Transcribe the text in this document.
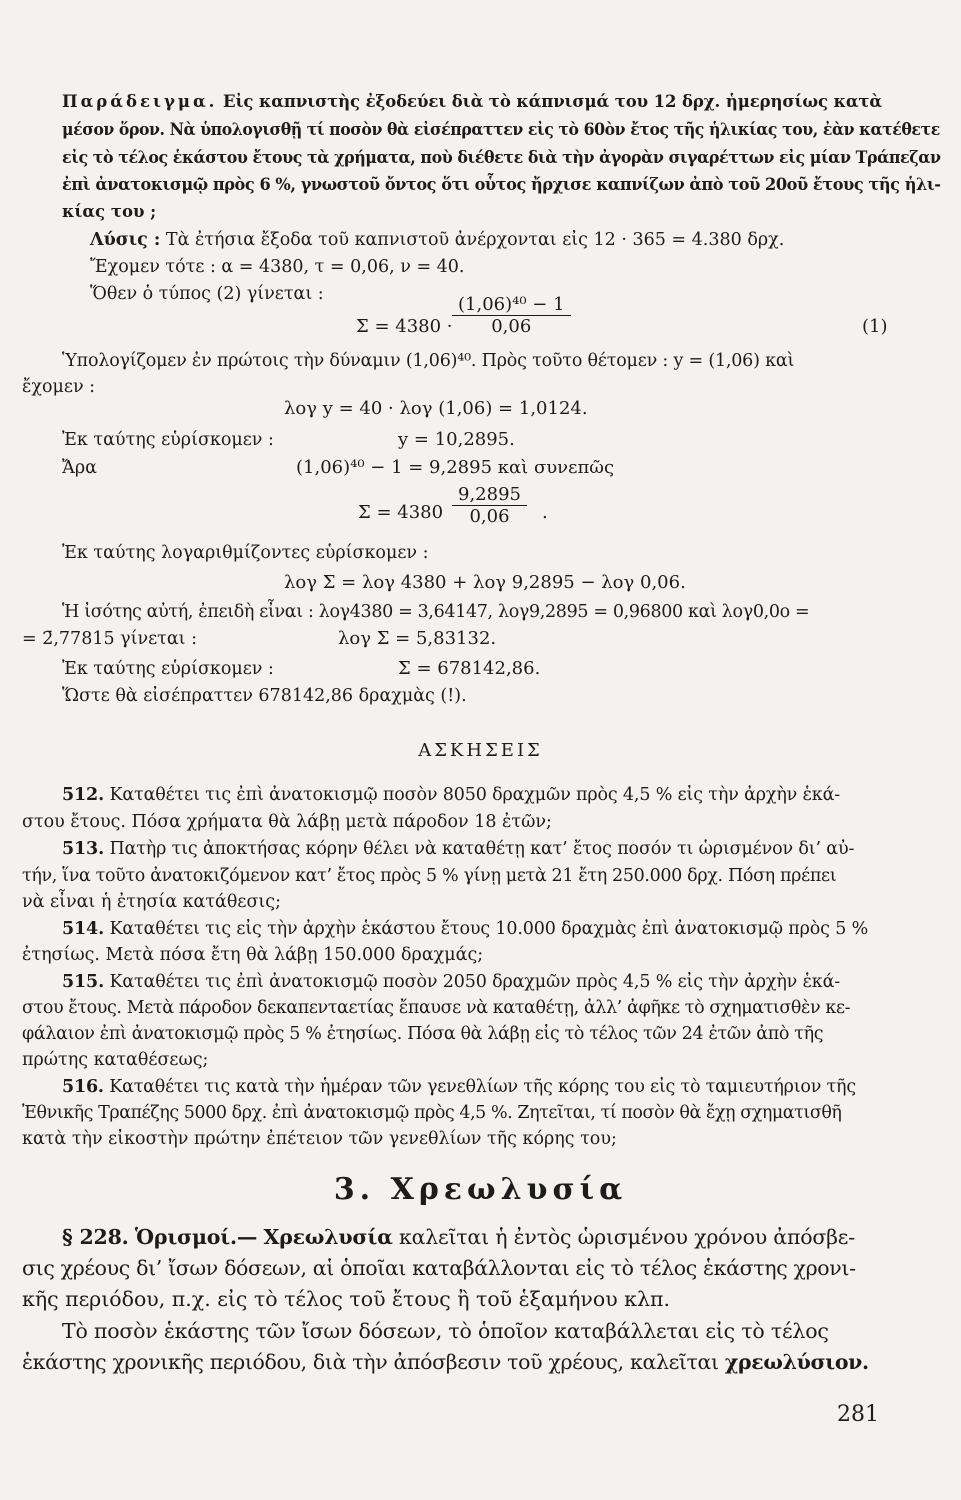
Παράδειγμα. Εἰς καπνιστὴς ἐξοδεύει διὰ τὸ κάπνισμά του 12 δρχ. ἡμερησίως κατὰ
μέσον ὅρον. Νὰ ὑπολογισθῇ τί ποσὸν θὰ εἰσέπραττεν εἰς τὸ 60ὸν ἔτος τῆς ἡλικίας του, ἐὰν κατέθετε
εἰς τὸ τέλος ἑκάστου ἔτους τὰ χρήματα, ποὺ διέθετε διὰ τὴν ἀγορὰν σιγαρέττων εἰς μίαν Τράπεζαν
ἐπὶ ἀνατοκισμῷ πρὸς 6 %, γνωστοῦ ὄντος ὅτι οὗτος ἤρχισε καπνίζων ἀπὸ τοῦ 20οῦ ἔτους τῆς ἡλι-
κίας του ;
Λύσις : Τὰ ἐτήσια ἔξοδα τοῦ καπνιστοῦ ἀνέρχονται εἰς 12 · 365 = 4.380 δρχ.
Ἔχομεν τότε : α = 4380, τ = 0,06, ν = 40.
Ὅθεν ὁ τύπος (2) γίνεται :
$\Sigma = 4380 \cdot \frac{\text{(1,06)⁴⁰ − 1}}{0,06}$	(1)
Ὑπολογίζομεν ἐν πρώτοις τὴν δύναμιν (1,06)⁴⁰. Πρὸς τοῦτο θέτομεν : y = (1,06) καὶ
ἔχομεν :
λογ y = 40 · λογ (1,06) = 1,0124.
Ἐκ ταύτης εὑρίσκομεν :	y = 10,2895.
Ἄρα	(1,06)⁴⁰ − 1 = 9,2895 καὶ συνεπῶς
$\Sigma = 4380 \frac{9,2895}{0,06}$ .
Ἐκ ταύτης λογαριθμίζοντες εὑρίσκομεν :
λογ Σ = λογ 4380 + λογ 9,2895 − λογ 0,06.
Ἡ ἰσότης αὐτή, ἐπειδὴ εἶναι : λογ4380 = 3,64147, λογ9,2895 = 0,96800 καὶ λογ0,0ο =
= 2̄,77815 γίνεται :	λογ Σ = 5,83132.
Ἐκ ταύτης εὑρίσκομεν :	Σ = 678142,86.
Ὥστε θὰ εἰσέπραττεν 678142,86 δραχμὰς (!).
ΑΣΚΗΣΕΙΣ
512. Καταθέτει τις ἐπὶ ἀνατοκισμῷ ποσὸν 8050 δραχμῶν πρὸς 4,5 % εἰς τὴν ἀρχὴν ἑκά-
στου ἔτους. Πόσα χρήματα θὰ λάβῃ μετὰ πάροδον 18 ἐτῶν;
513. Πατὴρ τις ἀποκτήσας κόρην θέλει νὰ καταθέτῃ κατ’ ἔτος ποσόν τι ὡρισμένον δι’ αὐ-
τήν, ἵνα τοῦτο ἀνατοκιζόμενον κατ’ ἔτος πρὸς 5 % γίνῃ μετὰ 21 ἔτη 250.000 δρχ. Πόση πρέπει
νὰ εἶναι ἡ ἐτησία κατάθεσις;
514. Καταθέτει τις εἰς τὴν ἀρχὴν ἑκάστου ἔτους 10.000 δραχμὰς ἐπὶ ἀνατοκισμῷ πρὸς 5 %
ἐτησίως. Μετὰ πόσα ἔτη θὰ λάβῃ 150.000 δραχμάς;
515. Καταθέτει τις ἐπὶ ἀνατοκισμῷ ποσὸν 2050 δραχμῶν πρὸς 4,5 % εἰς τὴν ἀρχὴν ἑκά-
στου ἔτους. Μετὰ πάροδον δεκαπενταετίας ἔπαυσε νὰ καταθέτῃ, ἀλλ’ ἀφῆκε τὸ σχηματισθὲν κε-
φάλαιον ἐπὶ ἀνατοκισμῷ πρὸς 5 % ἐτησίως. Πόσα θὰ λάβῃ εἰς τὸ τέλος τῶν 24 ἐτῶν ἀπὸ τῆς
πρώτης καταθέσεως;
516. Καταθέτει τις κατὰ τὴν ἡμέραν τῶν γενεθλίων τῆς κόρης του εἰς τὸ ταμιευτήριον τῆς
Ἐθνικῆς Τραπέζης 5000 δρχ. ἐπὶ ἀνατοκισμῷ πρὸς 4,5 %. Ζητεῖται, τί ποσὸν θὰ ἔχῃ σχηματισθῆ
κατὰ τὴν εἰκοστὴν πρώτην ἐπέτειον τῶν γενεθλίων τῆς κόρης του;
3. Χρεωλυσία
§ 228. Ὁρισμοί.— Χρεωλυσία καλεῖται ἡ ἐντὸς ὡρισμένου χρόνου ἀπόσβε-
σις χρέους δι’ ἴσων δόσεων, αἱ ὁποῖαι καταβάλλονται εἰς τὸ τέλος ἑκάστης χρονι-
κῆς περιόδου, π.χ. εἰς τὸ τέλος τοῦ ἔτους ἢ τοῦ ἑξαμήνου κλπ.
Τὸ ποσὸν ἑκάστης τῶν ἴσων δόσεων, τὸ ὁποῖον καταβάλλεται εἰς τὸ τέλος
ἑκάστης χρονικῆς περιόδου, διὰ τὴν ἀπόσβεσιν τοῦ χρέους, καλεῖται χρεωλύσιον.
281
